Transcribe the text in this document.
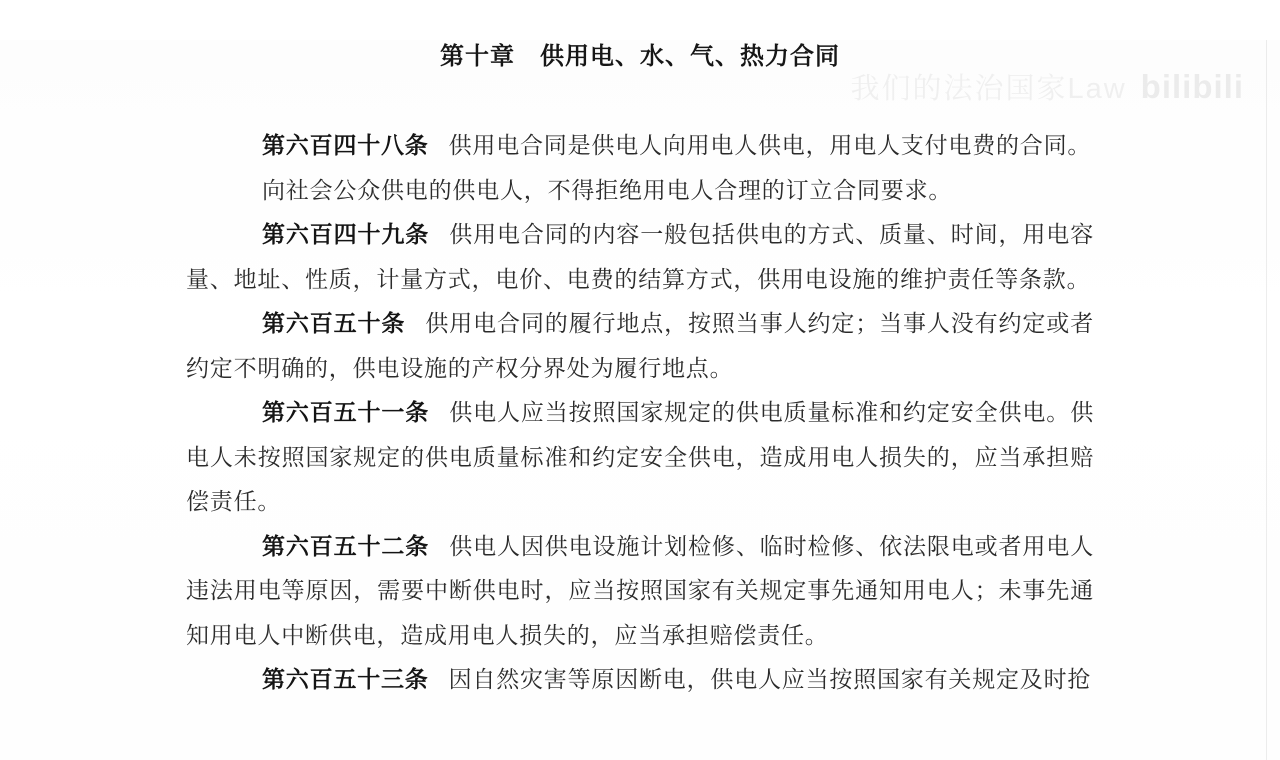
我们的法治国家Law bilibili
第十章　供用电、水、气、热力合同

第六百四十八条 供用电合同是供电人向用电人供电，用电人支付电费的合同。

向社会公众供电的供电人，不得拒绝用电人合理的订立合同要求。

第六百四十九条 供用电合同的内容一般包括供电的方式、质量、时间，用电容量、地址、性质，计量方式，电价、电费的结算方式，供用电设施的维护责任等条款。

第六百五十条 供用电合同的履行地点，按照当事人约定；当事人没有约定或者约定不明确的，供电设施的产权分界处为履行地点。

第六百五十一条 供电人应当按照国家规定的供电质量标准和约定安全供电。供电人未按照国家规定的供电质量标准和约定安全供电，造成用电人损失的，应当承担赔偿责任。

第六百五十二条 供电人因供电设施计划检修、临时检修、依法限电或者用电人违法用电等原因，需要中断供电时，应当按照国家有关规定事先通知用电人；未事先通知用电人中断供电，造成用电人损失的，应当承担赔偿责任。

第六百五十三条 因自然灾害等原因断电，供电人应当按照国家有关规定及时抢
